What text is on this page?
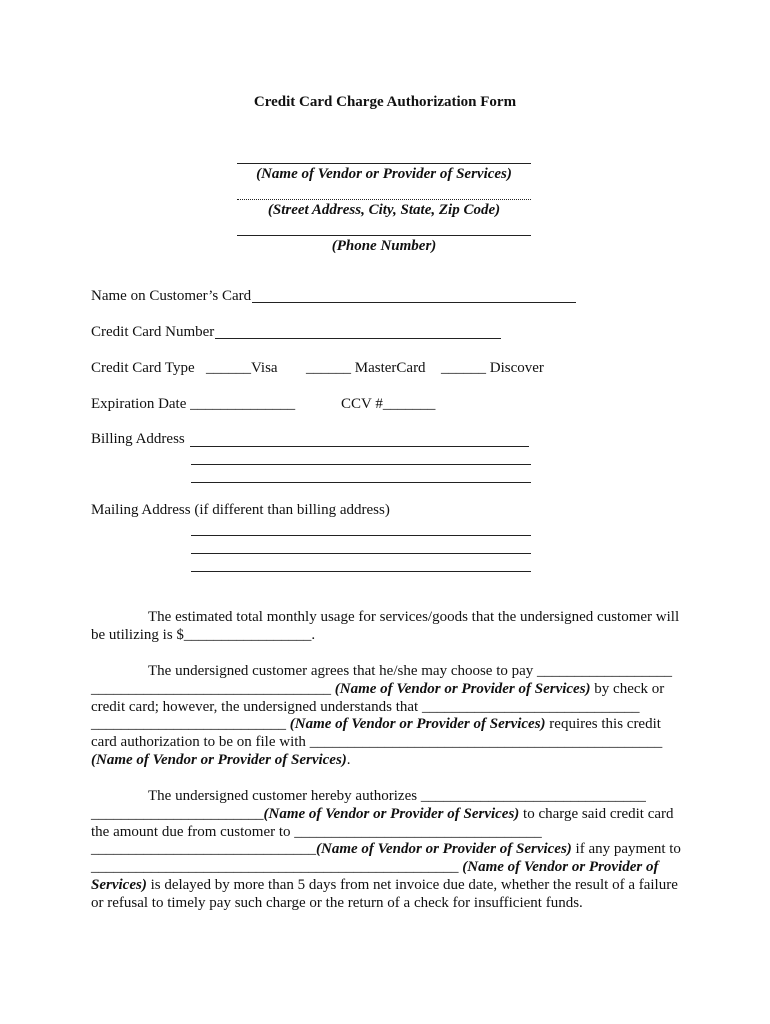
Credit Card Charge Authorization Form
(Name of Vendor or Provider of Services)
(Street Address, City, State, Zip Code)
(Phone Number)
Name on Customer’s Card
Credit Card Number
Credit Card Type ______Visa ______ MasterCard ______ Discover
Expiration Date ______________	CCV #_______
Billing Address
Mailing Address (if different than billing address)
The estimated total monthly usage for services/goods that the undersigned customer will be utilizing is $_________________.
The undersigned customer agrees that he/she may choose to pay __________________ ________________________________ (Name of Vendor or Provider of Services) by check or credit card; however, the undersigned understands that _____________________________ __________________________ (Name of Vendor or Provider of Services) requires this credit card authorization to be on file with _______________________________________________ (Name of Vendor or Provider of Services).
The undersigned customer hereby authorizes ______________________________ _______________________(Name of Vendor or Provider of Services) to charge said credit card the amount due from customer to _________________________________ ______________________________(Name of Vendor or Provider of Services) if any payment to _________________________________________________ (Name of Vendor or Provider of Services) is delayed by more than 5 days from net invoice due date, whether the result of a failure or refusal to timely pay such charge or the return of a check for insufficient funds.
